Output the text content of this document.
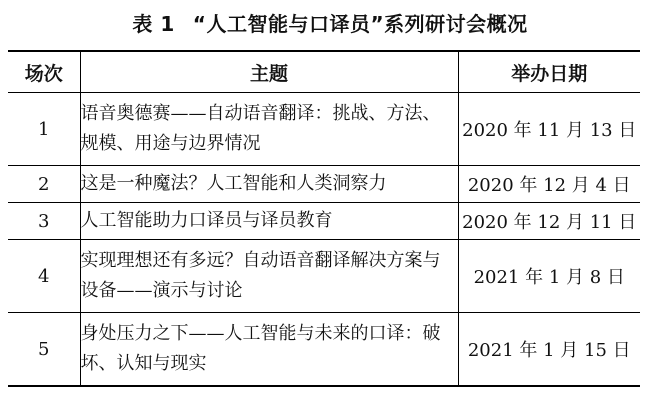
表 1 “人工智能与口译员”系列研讨会概况
场次	主题	举办日期
1	语音奥德赛——自动语音翻译：挑战、方法、规模、用途与边界情况	2020 年 11 月 13 日
2	这是一种魔法？人工智能和人类洞察力	2020 年 12 月 4 日
3	人工智能助力口译员与译员教育	2020 年 12 月 11 日
4	实现理想还有多远？自动语音翻译解决方案与设备——演示与讨论	2021 年 1 月 8 日
5	身处压力之下——人工智能与未来的口译：破坏、认知与现实	2021 年 1 月 15 日
